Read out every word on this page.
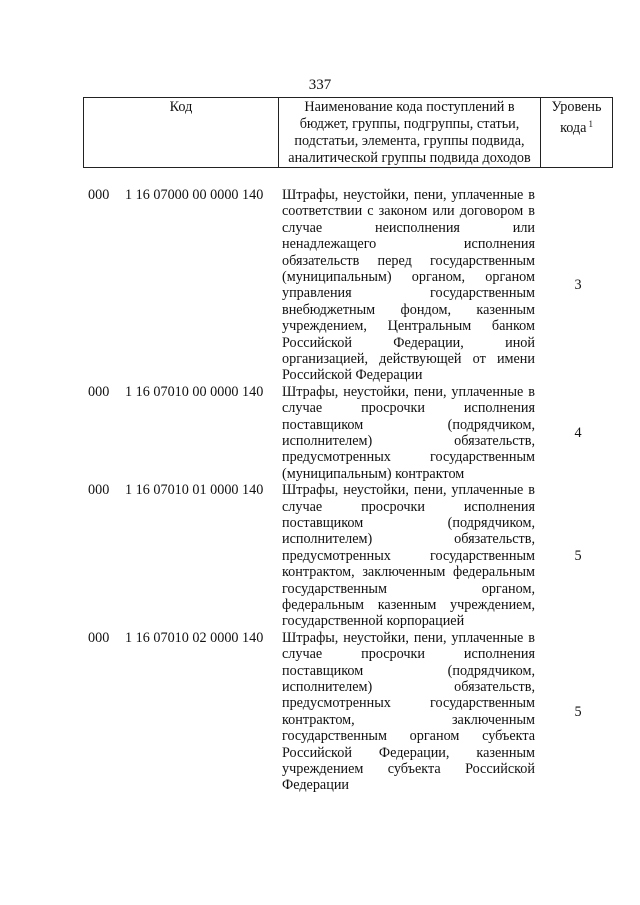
337
Код	Наименование кода поступлений в
бюджет, группы, подгруппы, статьи,
подстатьи, элемента, группы подвида,
аналитической группы подвида доходов
Уровень
кода $^1$
000 1 16 07000 00 0000 140 Штрафы, неустойки, пени, уплаченные в
соответствии с законом или договором в
случае неисполнения или
ненадлежащего исполнения
обязательств перед государственным
(муниципальным) органом, органом
управления государственным
внебюджетным фондом, казенным
учреждением, Центральным банком
Российской Федерации, иной
организацией, действующей от имени
Российской Федерации
3
000 1 16 07010 00 0000 140 Штрафы, неустойки, пени, уплаченные в
случае просрочки исполнения
поставщиком (подрядчиком,
исполнителем) обязательств,
предусмотренных государственным
(муниципальным) контрактом
4
000 1 16 07010 01 0000 140 Штрафы, неустойки, пени, уплаченные в
случае просрочки исполнения
поставщиком (подрядчиком,
исполнителем) обязательств,
предусмотренных государственным
контрактом, заключенным федеральным
государственным органом,
федеральным казенным учреждением,
государственной корпорацией
5
000 1 16 07010 02 0000 140 Штрафы, неустойки, пени, уплаченные в
случае просрочки исполнения
поставщиком (подрядчиком,
исполнителем) обязательств,
предусмотренных государственным
контрактом, заключенным
государственным органом субъекта
Российской Федерации, казенным
учреждением субъекта Российской
Федерации
5
